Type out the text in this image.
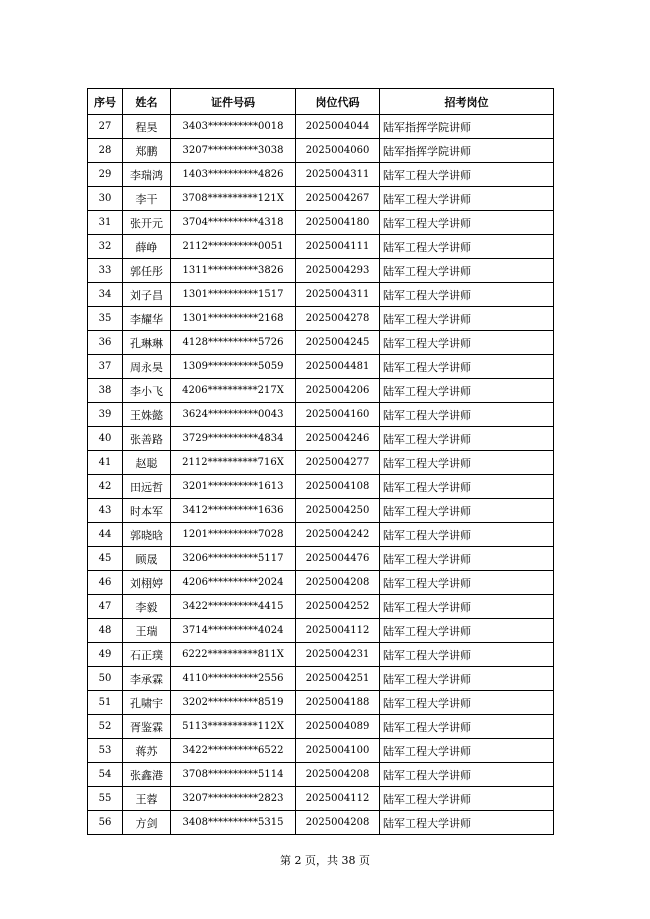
序号	姓名	证件号码	岗位代码	招考岗位
27	程昊	3403**********0018	2025004044	陆军指挥学院讲师
28	郑鹏	3207**********3038	2025004060	陆军指挥学院讲师
29	李瑞鸿	1403**********4826	2025004311	陆军工程大学讲师
30	李干	3708**********121X	2025004267	陆军工程大学讲师
31	张开元	3704**********4318	2025004180	陆军工程大学讲师
32	薛峥	2112**********0051	2025004111	陆军工程大学讲师
33	郭任彤	1311**********3826	2025004293	陆军工程大学讲师
34	刘子昌	1301**********1517	2025004311	陆军工程大学讲师
35	李耀华	1301**********2168	2025004278	陆军工程大学讲师
36	孔琳琳	4128**********5726	2025004245	陆军工程大学讲师
37	周永昊	1309**********5059	2025004481	陆军工程大学讲师
38	李小飞	4206**********217X	2025004206	陆军工程大学讲师
39	王姝懿	3624**********0043	2025004160	陆军工程大学讲师
40	张善路	3729**********4834	2025004246	陆军工程大学讲师
41	赵聪	2112**********716X	2025004277	陆军工程大学讲师
42	田远哲	3201**********1613	2025004108	陆军工程大学讲师
43	时本军	3412**********1636	2025004250	陆军工程大学讲师
44	郭晓晗	1201**********7028	2025004242	陆军工程大学讲师
45	顾晟	3206**********5117	2025004476	陆军工程大学讲师
46	刘栩婷	4206**********2024	2025004208	陆军工程大学讲师
47	李毅	3422**********4415	2025004252	陆军工程大学讲师
48	王瑞	3714**********4024	2025004112	陆军工程大学讲师
49	石正璞	6222**********811X	2025004231	陆军工程大学讲师
50	李承霖	4110**********2556	2025004251	陆军工程大学讲师
51	孔啸宇	3202**********8519	2025004188	陆军工程大学讲师
52	胥鉴霖	5113**********112X	2025004089	陆军工程大学讲师
53	蒋苏	3422**********6522	2025004100	陆军工程大学讲师
54	张鑫港	3708**********5114	2025004208	陆军工程大学讲师
55	王蓉	3207**********2823	2025004112	陆军工程大学讲师
56	方剑	3408**********5315	2025004208	陆军工程大学讲师
第 2 页，共 38 页
